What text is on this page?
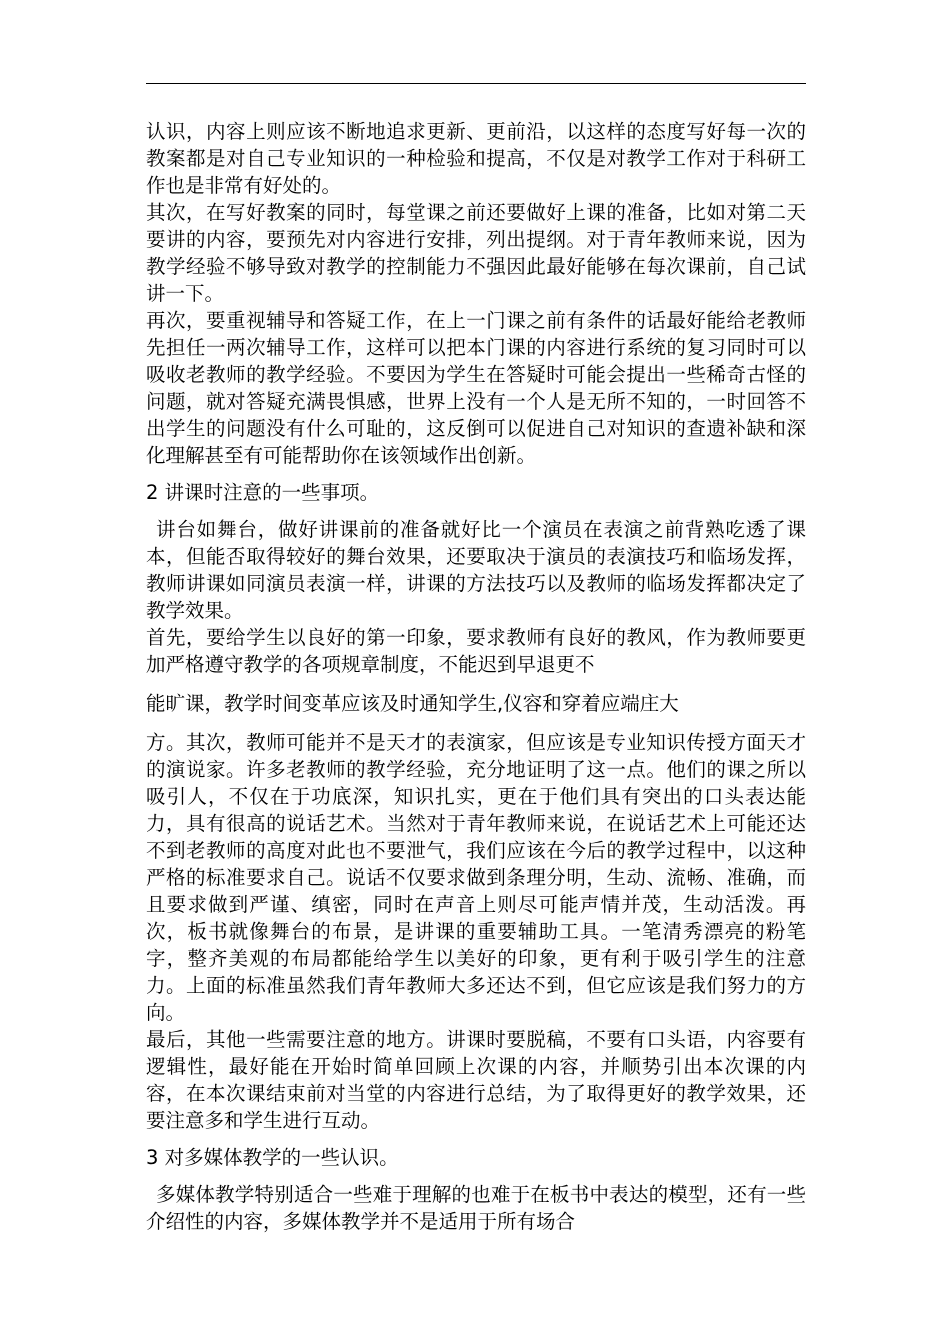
认识，内容上则应该不断地追求更新、更前沿，以这样的态度写好每一次的教案都是对自己专业知识的一种检验和提高，不仅是对教学工作对于科研工作也是非常有好处的。

其次，在写好教案的同时，每堂课之前还要做好上课的准备，比如对第二天要讲的内容，要预先对内容进行安排，列出提纲。对于青年教师来说，因为教学经验不够导致对教学的控制能力不强因此最好能够在每次课前，自己试讲一下。

再次，要重视辅导和答疑工作，在上一门课之前有条件的话最好能给老教师先担任一两次辅导工作，这样可以把本门课的内容进行系统的复习同时可以吸收老教师的教学经验。不要因为学生在答疑时可能会提出一些稀奇古怪的问题，就对答疑充满畏惧感，世界上没有一个人是无所不知的，一时回答不出学生的问题没有什么可耻的，这反倒可以促进自己对知识的查遗补缺和深化理解甚至有可能帮助你在该领域作出创新。

2 讲课时注意的一些事项。

讲台如舞台，做好讲课前的准备就好比一个演员在表演之前背熟吃透了课本，但能否取得较好的舞台效果，还要取决于演员的表演技巧和临场发挥，教师讲课如同演员表演一样，讲课的方法技巧以及教师的临场发挥都决定了教学效果。

首先，要给学生以良好的第一印象，要求教师有良好的教风，作为教师要更加严格遵守教学的各项规章制度，不能迟到早退更不

能旷课，教学时间变革应该及时通知学生,仪容和穿着应端庄大

方。其次，教师可能并不是天才的表演家，但应该是专业知识传授方面天才的演说家。许多老教师的教学经验，充分地证明了这一点。他们的课之所以吸引人，不仅在于功底深，知识扎实，更在于他们具有突出的口头表达能力，具有很高的说话艺术。当然对于青年教师来说，在说话艺术上可能还达不到老教师的高度对此也不要泄气，我们应该在今后的教学过程中，以这种严格的标准要求自己。说话不仅要求做到条理分明，生动、流畅、准确，而且要求做到严谨、缜密，同时在声音上则尽可能声情并茂，生动活泼。再次，板书就像舞台的布景，是讲课的重要辅助工具。一笔清秀漂亮的粉笔字，整齐美观的布局都能给学生以美好的印象，更有利于吸引学生的注意力。上面的标准虽然我们青年教师大多还达不到，但它应该是我们努力的方向。

最后，其他一些需要注意的地方。讲课时要脱稿，不要有口头语，内容要有逻辑性，最好能在开始时简单回顾上次课的内容，并顺势引出本次课的内容，在本次课结束前对当堂的内容进行总结，为了取得更好的教学效果，还要注意多和学生进行互动。

3 对多媒体教学的一些认识。

多媒体教学特别适合一些难于理解的也难于在板书中表达的模型，还有一些介绍性的内容，多媒体教学并不是适用于所有场合
